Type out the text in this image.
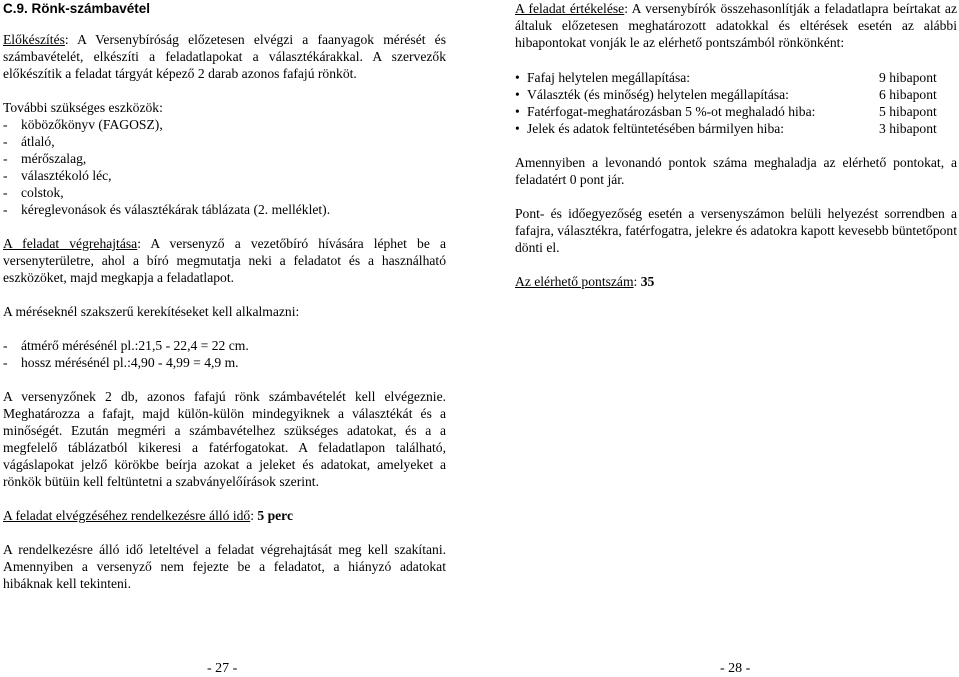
C.9. Rönk-számbavétel

Előkészítés: A Versenybíróság előzetesen elvégzi a faanyagok mérését és számbavételét, elkészíti a feladatlapokat a választékárakkal. A szervezők előkészítik a feladat tárgyát képező 2 darab azonos fafajú rönköt.

További szükséges eszközök:

- köbözőkönyv (FAGOSZ),
- átlaló,
- mérőszalag,
- választékoló léc,
- colstok,
- kéreglevonások és választékárak táblázata (2. melléklet).

A feladat végrehajtása: A versenyző a vezetőbíró hívására léphet be a versenyterületre, ahol a bíró megmutatja neki a feladatot és a használható eszközöket, majd megkapja a feladatlapot.

A méréseknél szakszerű kerekítéseket kell alkalmazni:

- átmérő mérésénél pl.:21,5 - 22,4 = 22 cm.
- hossz mérésénél pl.:4,90 - 4,99 = 4,9 m.

A versenyzőnek 2 db, azonos fafajú rönk számbavételét kell elvégeznie. Meghatározza a fafajt, majd külön-külön mindegyiknek a választékát és a minőségét. Ezután megméri a számbavételhez szükséges adatokat, és a a megfelelő táblázatból kikeresi a fatérfogatokat. A feladatlapon található, vágáslapokat jelző körökbe beírja azokat a jeleket és adatokat, amelyeket a rönkök bütüin kell feltüntetni a szabványelőírások szerint.

A feladat elvégzéséhez rendelkezésre álló idő: 5 perc

A rendelkezésre álló idő leteltével a feladat végrehajtását meg kell szakítani. Amennyiben a versenyző nem fejezte be a feladatot, a hiányzó adatokat hibáknak kell tekinteni.

- 27 -

A feladat értékelése: A versenybírók összehasonlítják a feladatlapra beírtakat az általuk előzetesen meghatározott adatokkal és eltérések esetén az alábbi hibapontokat vonják le az elérhető pontszámból rönkönként:

• Fafaj helytelen megállapítása:	9 hibapont
• Választék (és minőség) helytelen megállapítása:	6 hibapont
• Fatérfogat-meghatározásban 5 %-ot meghaladó hiba:	5 hibapont
• Jelek és adatok feltüntetésében bármilyen hiba:	3 hibapont

Amennyiben a levonandó pontok száma meghaladja az elérhető pontokat, a feladatért 0 pont jár.

Pont- és időegyezőség esetén a versenyszámon belüli helyezést sorrendben a fafajra, választékra, fatérfogatra, jelekre és adatokra kapott kevesebb büntetőpont dönti el.

Az elérhető pontszám: 35

- 28 -
